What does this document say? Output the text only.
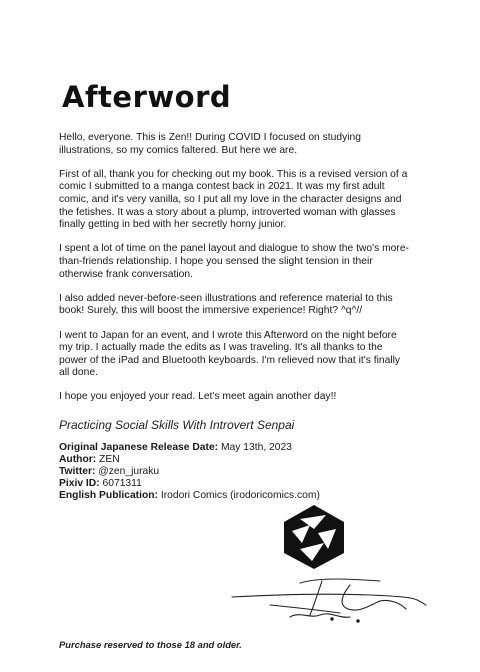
Afterword

Hello, everyone. This is Zen!! During COVID I focused on studying illustrations, so my comics faltered. But here we are.

First of all, thank you for checking out my book. This is a revised version of a comic I submitted to a manga contest back in 2021. It was my first adult comic, and it's very vanilla, so I put all my love in the character designs and the fetishes. It was a story about a plump, introverted woman with glasses finally getting in bed with her secretly horny junior.

I spent a lot of time on the panel layout and dialogue to show the two's more-than-friends relationship. I hope you sensed the slight tension in their otherwise frank conversation.

I also added never-before-seen illustrations and reference material to this book! Surely, this will boost the immersive experience! Right? ^q^//

I went to Japan for an event, and I wrote this Afterword on the night before my trip. I actually made the edits as I was traveling. It's all thanks to the power of the iPad and Bluetooth keyboards. I'm relieved now that it's finally all done.

I hope you enjoyed your read. Let's meet again another day!!

Practicing Social Skills With Introvert Senpai

Original Japanese Release Date: May 13th, 2023
Author: ZEN
Twitter: @zen_juraku
Pixiv ID: 6071311
English Publication: Irodori Comics (irodoricomics.com)

Purchase reserved to those 18 and older.
